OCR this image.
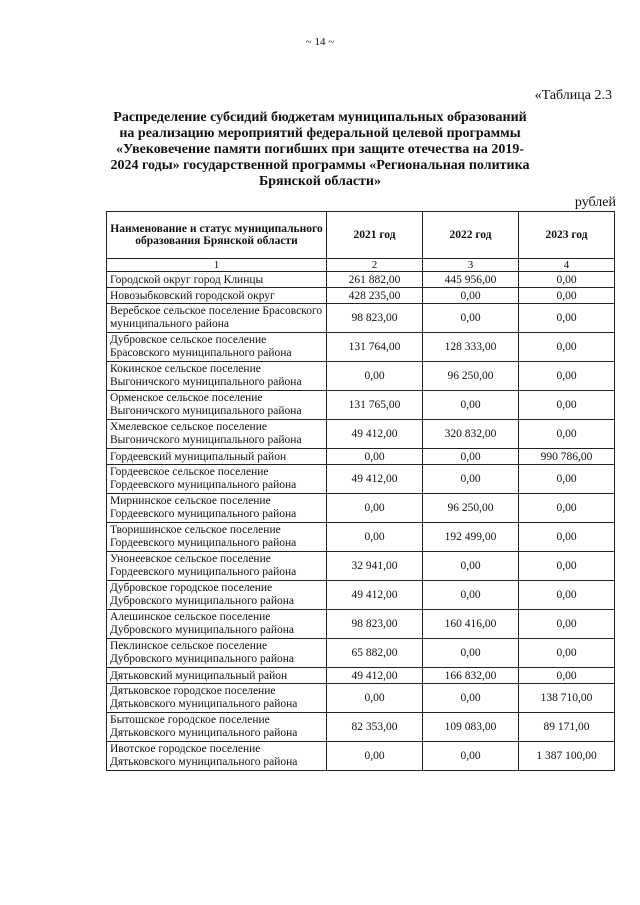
~ 14 ~
«Таблица 2.3
Распределение субсидий бюджетам муниципальных образований на реализацию мероприятий федеральной целевой программы «Увековечение памяти погибших при защите отечества на 2019-2024 годы» государственной программы «Региональная политика Брянской области»
рублей
Наименование и статус муниципального образования Брянской области	2021 год	2022 год	2023 год
1	2	3	4
Городской округ город Клинцы	261 882,00	445 956,00	0,00
Новозыбковский городской округ	428 235,00	0,00	0,00
Веребское сельское поселение Брасовского муниципального района	98 823,00	0,00	0,00
Дубровское сельское поселение Брасовского муниципального района	131 764,00	128 333,00	0,00
Кокинское сельское поселение Выгоничского муниципального района	0,00	96 250,00	0,00
Орменское сельское поселение Выгоничского муниципального района	131 765,00	0,00	0,00
Хмелевское сельское поселение Выгоничского муниципального района	49 412,00	320 832,00	0,00
Гордеевский муниципальный район	0,00	0,00	990 786,00
Гордеевское сельское поселение Гордеевского муниципального района	49 412,00	0,00	0,00
Мирнинское сельское поселение Гордеевского муниципального района	0,00	96 250,00	0,00
Творишинское сельское поселение Гордеевского муниципального района	0,00	192 499,00	0,00
Унонеевское сельское поселение Гордеевского муниципального района	32 941,00	0,00	0,00
Дубровское городское поселение Дубровского муниципального района	49 412,00	0,00	0,00
Алешинское сельское поселение Дубровского муниципального района	98 823,00	160 416,00	0,00
Пеклинское сельское поселение Дубровского муниципального района	65 882,00	0,00	0,00
Дятьковский муниципальный район	49 412,00	166 832,00	0,00
Дятьковское городское поселение Дятьковского муниципального района	0,00	0,00	138 710,00
Бытошское городское поселение Дятьковского муниципального района	82 353,00	109 083,00	89 171,00
Ивотское городское поселение Дятьковского муниципального района	0,00	0,00	1 387 100,00
